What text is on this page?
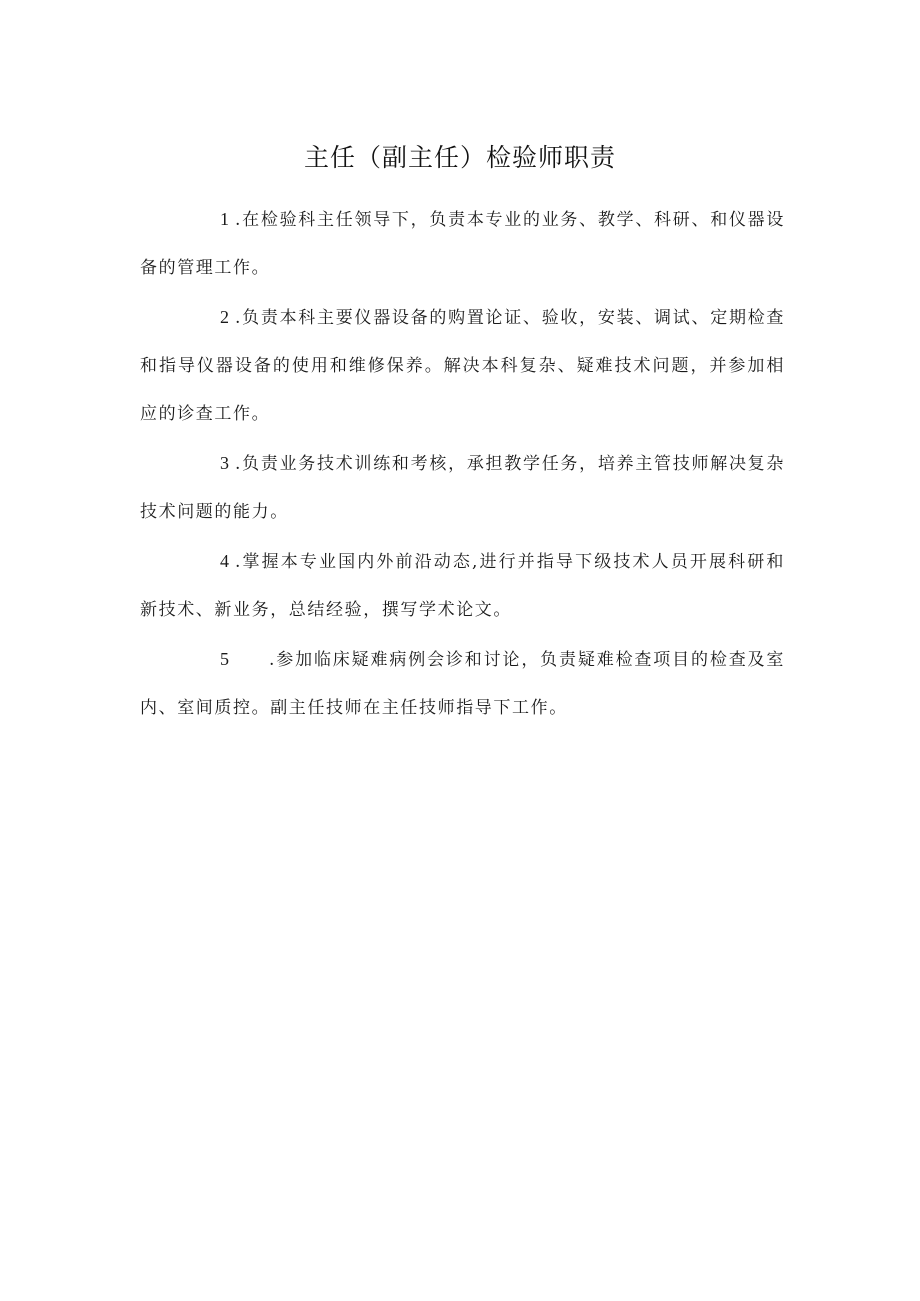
主任（副主任）检验师职责

1 .在检验科主任领导下，负责本专业的业务、教学、科研、和仪器设备的管理工作。

2 .负责本科主要仪器设备的购置论证、验收，安装、调试、定期检查和指导仪器设备的使用和维修保养。解决本科复杂、疑难技术问题，并参加相应的诊查工作。

3 .负责业务技术训练和考核，承担教学任务，培养主管技师解决复杂技术问题的能力。

4 .掌握本专业国内外前沿动态,进行并指导下级技术人员开展科研和新技术、新业务，总结经验，撰写学术论文。

5 .参加临床疑难病例会诊和讨论，负责疑难检查项目的检查及室内、室间质控。副主任技师在主任技师指导下工作。
